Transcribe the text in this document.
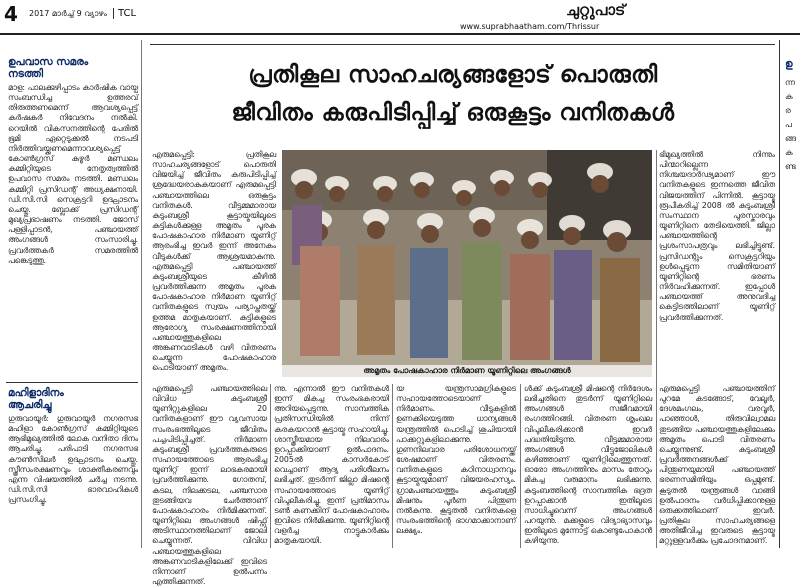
4 2017 മാർച്ച് 9 വ്യാഴം	TCL	ചുറ്റുപാട്
www.suprabhaatham.com/Thrissur
ഉപവാസ സമരം
നടത്തി
മാള: പാലക്കുഴിപ്പാടം കാർഷിക വായ്പ സംബന്ധിച്ച ഉത്തരവ് തിരുത്തണമെന്ന് ആവശ്യപ്പെട്ട് കർഷകർ നിവേദനം നൽകി. റെയിൽ വികസനത്തിന്റെ പേരിൽ ഭൂമി ഏറ്റെടുക്കൽ നടപടി നിർത്തിവയ്ക്കണമെന്നാവശ്യപ്പെട്ട് കോൺഗ്രസ് കുഴൂർ മണ്ഡലം കമ്മിറ്റിയുടെ നേതൃത്വത്തിൽ ഉപവാസ സമരം നടത്തി. മണ്ഡലം കമ്മിറ്റി പ്രസിഡന്റ് അധ്യക്ഷനായി. ഡി.സി.സി സെക്രട്ടറി ഉദ്ഘാടനം ചെയ്തു. ബ്ലോക്ക് പ്രസിഡന്റ് മുഖ്യപ്രഭാഷണം നടത്തി. ജോസ് പള്ളിപ്പാടൻ, പഞ്ചായത്ത് അംഗങ്ങൾ സംസാരിച്ചു. പ്രവർത്തകർ സമരത്തിൽ പങ്കെടുത്തു.
മഹിളാദിനം
ആചരിച്ചു
ഗുരുവായൂർ: ഗുരുവായൂർ നഗരസഭ മഹിളാ കോൺഗ്രസ് കമ്മിറ്റിയുടെ ആഭിമുഖ്യത്തിൽ ലോക വനിതാ ദിനം ആചരിച്ചു. പരിപാടി നഗരസഭ കൗൺസിലർ ഉദ്ഘാടനം ചെയ്തു. സ്ത്രീസംരക്ഷണവും ശാക്തീകരണവും എന്ന വിഷയത്തിൽ ചർച്ച നടന്നു. ഡി.സി.സി ഭാരവാഹികൾ പ്രസംഗിച്ചു.
പ്രതികൂല സാഹചര്യങ്ങളോട് പൊരുതി
ജീവിതം കരുപിടിപ്പിച്ച് ഒരുകൂട്ടം വനിതകൾ
എരുമപ്പെട്ടി: പ്രതികൂല സാഹചര്യങ്ങളോട് പൊരുതി വിജയിച്ച് ജീവിതം കരുപിടിപ്പിച്ച് ശ്രദ്ധേയരാകുകയാണ് എരുമപ്പെട്ടി പഞ്ചായത്തിലെ ഒരുകൂട്ടം വനിതകൾ. വീട്ടമ്മമാരായ കുടുംബശ്രീ കൂട്ടായ്മയിലൂടെ കുട്ടികൾക്കുള്ള അമൃതം പൂരക പോഷകാഹാര നിർമാണ യൂണിറ്റ് ആരംഭിച്ച ഇവർ ഇന്ന് അനേകം വീടുകൾക്ക് ആശ്രയമാകുന്നു. എരുമപ്പെട്ടി പഞ്ചായത്ത് കുടുംബശ്രീയുടെ കീഴിൽ പ്രവർത്തിക്കുന്ന അമൃതം പൂരക പോഷകാഹാര നിർമാണ യൂണിറ്റ് വനിതകളുടെ സ്വയം പര്യാപ്തതയ്ക്ക് ഉത്തമ മാതൃകയാണ്. കുട്ടികളുടെ ആരോഗ്യ സംരക്ഷണത്തിനായി പഞ്ചായത്തുകളിലെ അങ്കണവാടികൾ വഴി വിതരണം ചെയ്യുന്ന പോഷകാഹാര പൊടിയാണ് അമൃതം.
ഭിമുഖ്യത്തിൽ നിന്നും പിന്മാറില്ലെന്ന നിശ്ചയദാർഢ്യമാണ് ഈ വനിതകളുടെ ഇന്നത്തെ ജീവിത വിജയത്തിന് പിന്നിൽ. കൂട്ടായ്മ രൂപീകരിച്ച് 2008 ൽ കുടുംബശ്രീ സംസ്ഥാന പുരസ്കാരവും യൂണിറ്റിനെ തേടിയെത്തി. ജില്ലാ പഞ്ചായത്തിന്റെ പ്രശംസാപത്രവും ലഭിച്ചിട്ടുണ്ട്. പ്രസിഡന്റും സെക്രട്ടറിയും ഉൾപ്പെടുന്ന സമിതിയാണ് യൂണിറ്റിന്റെ ഭരണം നിർവഹിക്കുന്നത്. ഇപ്പോൾ പഞ്ചായത്ത് അനുവദിച്ച കെട്ടിടത്തിലാണ് യൂണിറ്റ് പ്രവർത്തിക്കുന്നത്.
അമൃതം പോഷകാഹാര നിർമാണ യൂണിറ്റിലെ അംഗങ്ങൾ
എരുമപ്പെട്ടി പഞ്ചായത്തിലെ വിവിധ കുടുംബശ്രീ യൂണിറ്റുകളിലെ 20 വനിതകളാണ് ഈ വ്യവസായ സംരംഭത്തിലൂടെ ജീവിതം പച്ചപിടിപ്പിച്ചത്. നിർമാണ കുടുംബശ്രീ പ്രവർത്തകരുടെ സഹായത്തോടെ ആരംഭിച്ച യൂണിറ്റ് ഇന്ന് ലാഭകരമായി പ്രവർത്തിക്കുന്നു. ഗോതമ്പ്, കടല, നിലക്കടല, പഞ്ചസാര തുടങ്ങിയവ ചേർത്താണ് പോഷകാഹാരം നിർമിക്കുന്നത്. യൂണിറ്റിലെ അംഗങ്ങൾ ഷിഫ്റ്റ് അടിസ്ഥാനത്തിലാണ് ജോലി ചെയ്യുന്നത്. വിവിധ പഞ്ചായത്തുകളിലെ അങ്കണവാടികളിലേക്ക് ഇവിടെ നിന്നാണ് ഉൽപന്നം എത്തിക്കുന്നത്.
ന്നു. എന്നാൽ ഈ വനിതകൾ ഇന്ന് മികച്ച സംരംഭകരായി അറിയപ്പെടുന്നു. സാമ്പത്തിക പ്രതിസന്ധിയിൽ നിന്ന് കരകയറാൻ കൂട്ടായ്മ സഹായിച്ചു. ശാസ്ത്രീയമായ നിലവാരം ഉറപ്പാക്കിയാണ് ഉൽപാദനം. 2005ൽ കാസർകോട് വെച്ചാണ് ആദ്യ പരിശീലനം ലഭിച്ചത്. തുടർന്ന് ജില്ലാ മിഷന്റെ സഹായത്തോടെ യൂണിറ്റ് വിപുലീകരിച്ചു. ഇന്ന് പ്രതിമാസം ടൺ കണക്കിന് പോഷകാഹാരം ഇവിടെ നിർമിക്കുന്നു. യൂണിറ്റിന്റെ വളർച്ച നാട്ടുകാർക്കും മാതൃകയായി.
യ യന്ത്രസാമഗ്രികളുടെ സഹായത്തോടെയാണ് നിർമാണം. വീടുകളിൽ ഉണക്കിയെടുത്ത ധാന്യങ്ങൾ യന്ത്രത്തിൽ പൊടിച്ച് ശുചിയായി പാക്കറ്റുകളിലാക്കുന്നു. ഗുണനിലവാര പരിശോധനയ്ക്ക് ശേഷമാണ് വിതരണം. വനിതകളുടെ കഠിനാധ്വാനവും കൂട്ടായ്മയുമാണ് വിജയരഹസ്യം. ഗ്രാമപഞ്ചായത്തും കുടുംബശ്രീ മിഷനും പൂർണ പിന്തുണ നൽകുന്നു. കൂടുതൽ വനിതകളെ സംരംഭത്തിന്റെ ഭാഗമാക്കാനാണ് ലക്ഷ്യം.
ൾക്ക് കുടുംബശ്രീ മിഷന്റെ നിർദേശം ലഭിച്ചതിനെ തുടർന്ന് യൂണിറ്റിലെ അംഗങ്ങൾ സജീവമായി രംഗത്തിറങ്ങി. വിതരണ ശൃംഖല വിപുലീകരിക്കാൻ ഇവർ പദ്ധതിയിടുന്നു. വീട്ടമ്മമാരായ അംഗങ്ങൾ വീട്ടുജോലികൾ കഴിഞ്ഞാണ് യൂണിറ്റിലെത്തുന്നത്. ഓരോ അംഗത്തിനും മാസം തോറും മികച്ച വരുമാനം ലഭിക്കുന്നു. കുടുംബത്തിന്റെ സാമ്പത്തിക ഭദ്രത ഉറപ്പാക്കാൻ ഇതിലൂടെ സാധിച്ചുവെന്ന് അംഗങ്ങൾ പറയുന്നു. മക്കളുടെ വിദ്യാഭ്യാസവും ഇതിലൂടെ മുന്നോട്ട് കൊണ്ടുപോകാൻ കഴിയുന്നു.
എരുമപ്പെട്ടി പഞ്ചായത്തിന് പുറമേ കടങ്ങോട്, വേലൂർ, ദേശമംഗലം, വരവൂർ, പാഞ്ഞാൾ, തിരുവില്വാമല തുടങ്ങിയ പഞ്ചായത്തുകളിലേക്കും അമൃതം പൊടി വിതരണം ചെയ്യുന്നുണ്ട്. കുടുംബശ്രീ പ്രവർത്തനങ്ങൾക്ക് പിന്തുണയുമായി പഞ്ചായത്ത് ഭരണസമിതിയും ഒപ്പമുണ്ട്. കൂടുതൽ യന്ത്രങ്ങൾ വാങ്ങി ഉൽപാദനം വർധിപ്പിക്കാനുള്ള ഒരുക്കത്തിലാണ് ഇവർ. പ്രതികൂല സാഹചര്യങ്ങളെ അതിജീവിച്ച ഇവരുടെ കൂട്ടായ്മ മറ്റുള്ളവർക്കും പ്രചോദനമാണ്.
ഉ
ന്ന ക ര പ ങ്ങ ക ണ്ട
